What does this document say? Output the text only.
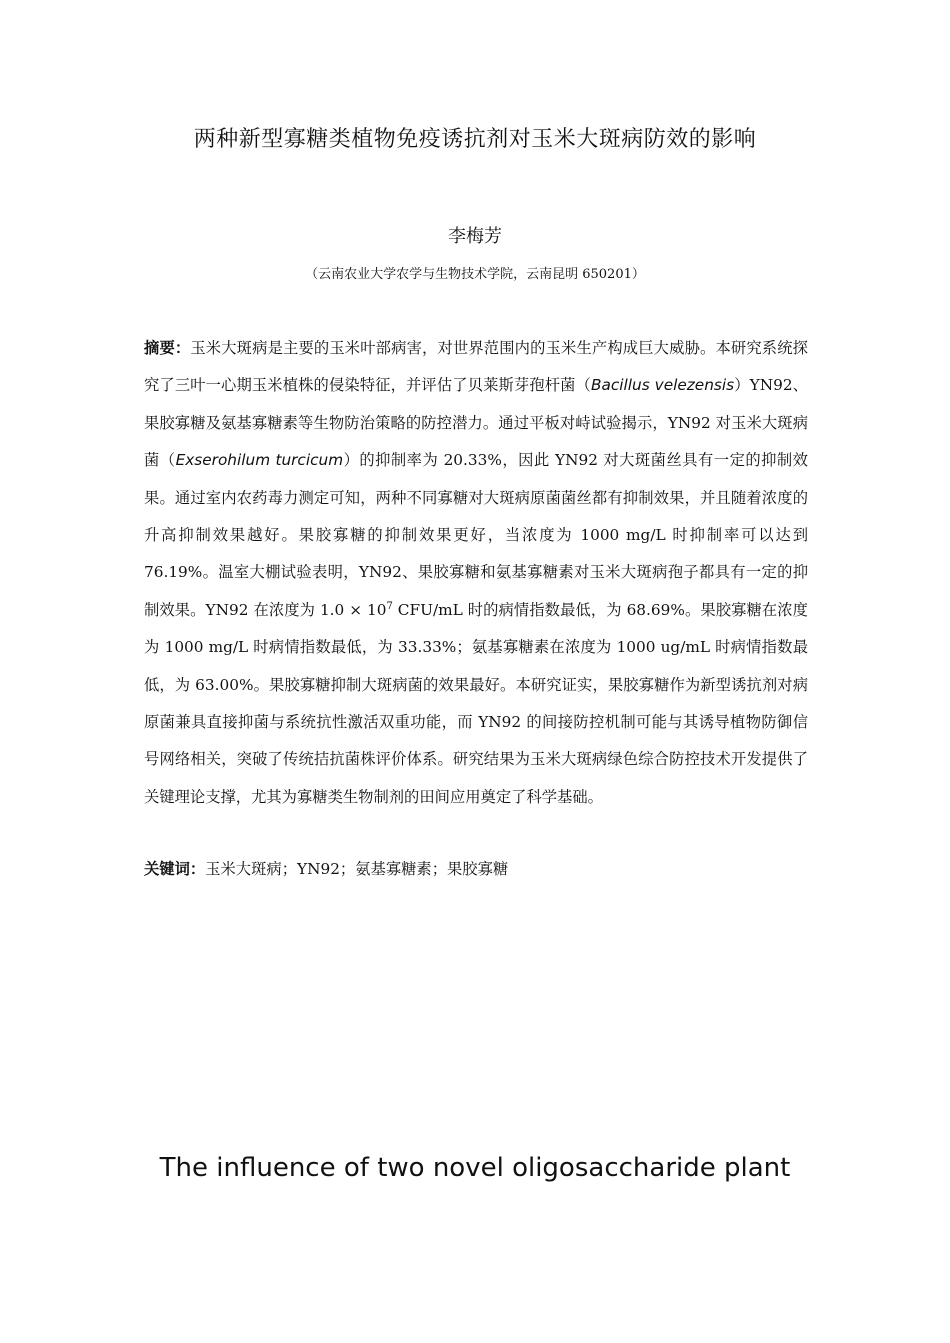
两种新型寡糖类植物免疫诱抗剂对玉米大斑病防效的影响
李梅芳
（云南农业大学农学与生物技术学院，云南昆明 650201）

摘要：玉米大斑病是主要的玉米叶部病害，对世界范围内的玉米生产构成巨大威胁。本研究系统探究了三叶一心期玉米植株的侵染特征，并评估了贝莱斯芽孢杆菌（Bacillus velezensis）YN92、果胶寡糖及氨基寡糖素等生物防治策略的防控潜力。通过平板对峙试验揭示，YN92 对玉米大斑病菌（Exserohilum turcicum）的抑制率为 20.33%，因此 YN92 对大斑菌丝具有一定的抑制效果。通过室内农药毒力测定可知，两种不同寡糖对大斑病原菌菌丝都有抑制效果，并且随着浓度的升高抑制效果越好。果胶寡糖的抑制效果更好，当浓度为 1000 mg/L 时抑制率可以达到 76.19%。温室大棚试验表明，YN92、果胶寡糖和氨基寡糖素对玉米大斑病孢子都具有一定的抑制效果。YN92 在浓度为 $1.0 \times 10^7$ CFU/mL 时的病情指数最低，为 68.69%。果胶寡糖在浓度为 1000 mg/L 时病情指数最低，为 33.33%；氨基寡糖素在浓度为 1000 ug/mL 时病情指数最低，为 63.00%。果胶寡糖抑制大斑病菌的效果最好。本研究证实，果胶寡糖作为新型诱抗剂对病原菌兼具直接抑菌与系统抗性激活双重功能，而 YN92 的间接防控机制可能与其诱导植物防御信号网络相关，突破了传统拮抗菌株评价体系。研究结果为玉米大斑病绿色综合防控技术开发提供了关键理论支撑，尤其为寡糖类生物制剂的田间应用奠定了科学基础。

关键词：玉米大斑病；YN92；氨基寡糖素；果胶寡糖

The influence of two novel oligosaccharide plant
